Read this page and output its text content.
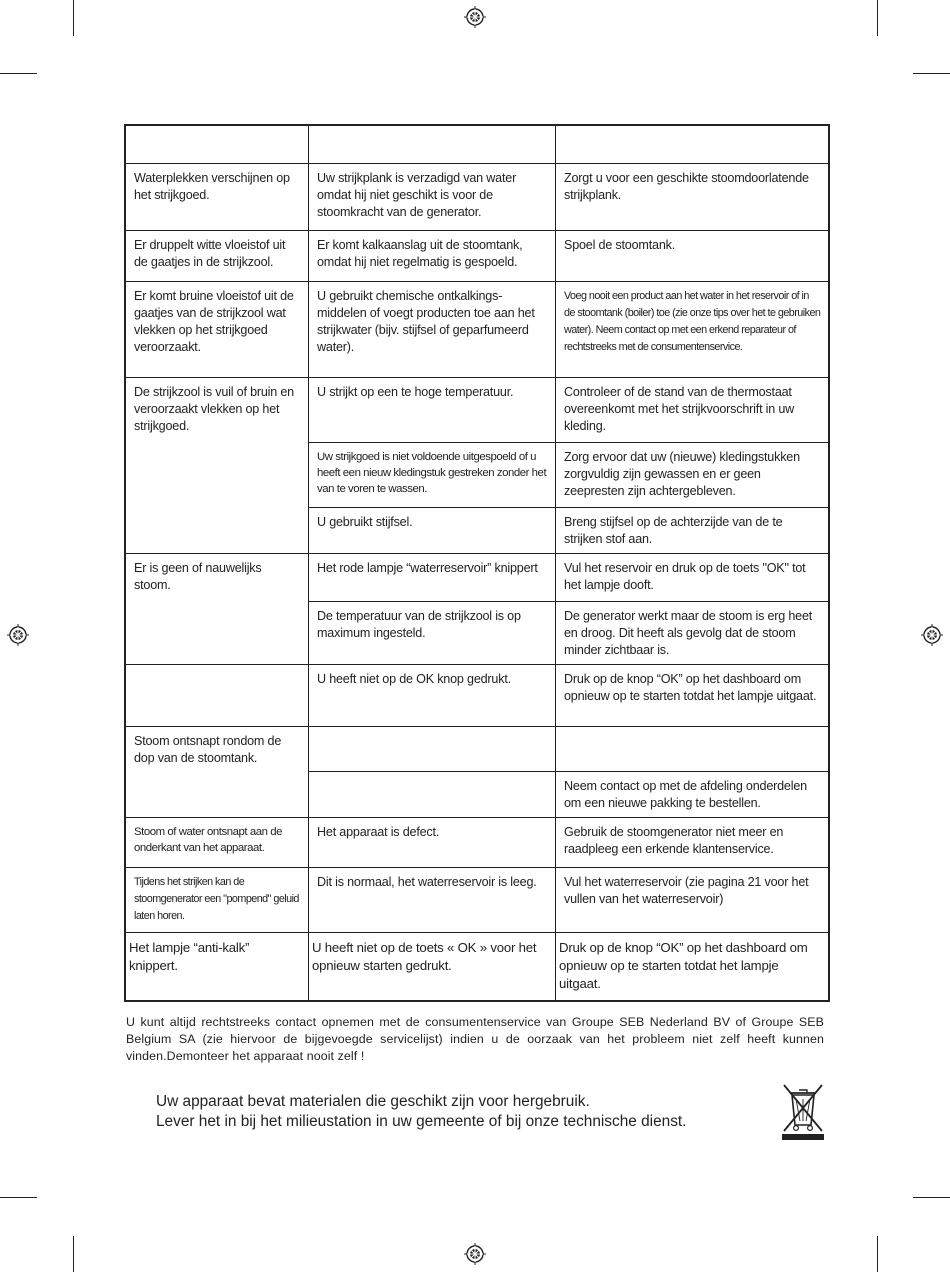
Waterplekken verschijnen op het strijkgoed.	Uw strijkplank is verzadigd van water omdat hij niet geschikt is voor de stoomkracht van de generator.	Zorgt u voor een geschikte stoomdoorlatende strijkplank.
Er druppelt witte vloeistof uit de gaatjes in de strijkzool.	Er komt kalkaanslag uit de stoomtank, omdat hij niet regelmatig is gespoeld.	Spoel de stoomtank.
Er komt bruine vloeistof uit de gaatjes van de strijkzool wat vlekken op het strijkgoed veroorzaakt.	U gebruikt chemische ontkalkings-middelen of voegt producten toe aan het strijkwater (bijv. stijfsel of geparfumeerd water).	Voeg nooit een product aan het water in het reservoir of in de stoomtank (boiler) toe (zie onze tips over het te gebruiken water). Neem contact op met een erkend reparateur of rechtstreeks met de consumentenservice.
De strijkzool is vuil of bruin en veroorzaakt vlekken op het strijkgoed.	U strijkt op een te hoge temperatuur.	Controleer of de stand van de thermostaat overeenkomt met het strijkvoorschrift in uw kleding.
	Uw strijkgoed is niet voldoende uitgespoeld of u heeft een nieuw kledingstuk gestreken zonder het van te voren te wassen.	Zorg ervoor dat uw (nieuwe) kledingstukken zorgvuldig zijn gewassen en er geen zeepresten zijn achtergebleven.
	U gebruikt stijfsel.	Breng stijfsel op de achterzijde van de te strijken stof aan.
Er is geen of nauwelijks stoom.	Het rode lampje “waterreservoir” knippert	Vul het reservoir en druk op de toets "OK" tot het lampje dooft.
	De temperatuur van de strijkzool is op maximum ingesteld.	De generator werkt maar de stoom is erg heet en droog. Dit heeft als gevolg dat de stoom minder zichtbaar is.
	U heeft niet op de OK knop gedrukt.	Druk op de knop “OK” op het dashboard om opnieuw op te starten totdat het lampje uitgaat.
Stoom ontsnapt rondom de dop van de stoomtank.		
		Neem contact op met de afdeling onderdelen om een nieuwe pakking te bestellen.
Stoom of water ontsnapt aan de onderkant van het apparaat.	Het apparaat is defect.	Gebruik de stoomgenerator niet meer en raadpleeg een erkende klantenservice.
Tijdens het strijken kan de stoomgenerator een "pompend" geluid laten horen.	Dit is normaal, het waterreservoir is leeg.	Vul het waterreservoir (zie pagina 21 voor het vullen van het waterreservoir)
Het lampje “anti-kalk” knippert.	U heeft niet op de toets « OK » voor het opnieuw starten gedrukt.	Druk op de knop “OK” op het dashboard om opnieuw op te starten totdat het lampje uitgaat.

U kunt altijd rechtstreeks contact opnemen met de consumentenservice van Groupe SEB Nederland BV of Groupe SEB Belgium SA (zie hiervoor de bijgevoegde servicelijst) indien u de oorzaak van het probleem niet zelf heeft kunnen vinden.Demonteer het apparaat nooit zelf !

Uw apparaat bevat materialen die geschikt zijn voor hergebruik.
Lever het in bij het milieustation in uw gemeente of bij onze technische dienst.
